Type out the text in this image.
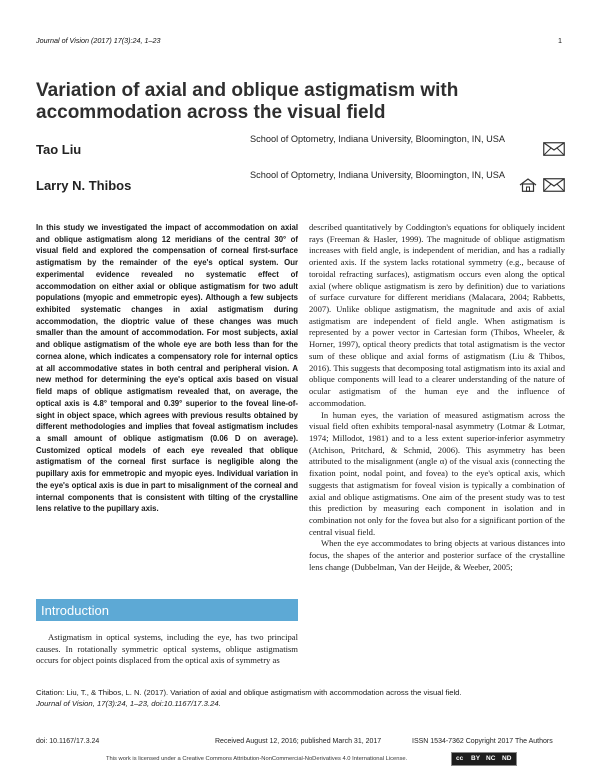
Journal of Vision (2017) 17(3):24, 1–23	1
Variation of axial and oblique astigmatism with accommodation across the visual field
Tao Liu
School of Optometry, Indiana University, Bloomington, IN, USA
Larry N. Thibos
School of Optometry, Indiana University, Bloomington, IN, USA

In this study we investigated the impact of accommodation on axial and oblique astigmatism along 12 meridians of the central 30° of visual field and explored the compensation of corneal first-surface astigmatism by the remainder of the eye's optical system. Our experimental evidence revealed no systematic effect of accommodation on either axial or oblique astigmatism for two adult populations (myopic and emmetropic eyes). Although a few subjects exhibited systematic changes in axial astigmatism during accommodation, the dioptric value of these changes was much smaller than the amount of accommodation. For most subjects, axial and oblique astigmatism of the whole eye are both less than for the cornea alone, which indicates a compensatory role for internal optics at all accommodative states in both central and peripheral vision. A new method for determining the eye's optical axis based on visual field maps of oblique astigmatism revealed that, on average, the optical axis is 4.8° temporal and 0.39° superior to the foveal line-of-sight in object space, which agrees with previous results obtained by different methodologies and implies that foveal astigmatism includes a small amount of oblique astigmatism (0.06 D on average). Customized optical models of each eye revealed that oblique astigmatism of the corneal first surface is negligible along the pupillary axis for emmetropic and myopic eyes. Individual variation in the eye's optical axis is due in part to misalignment of the corneal and internal components that is consistent with tilting of the crystalline lens relative to the pupillary axis.

Introduction

Astigmatism in optical systems, including the eye, has two principal causes. In rotationally symmetric optical systems, oblique astigmatism occurs for object points displaced from the optical axis of symmetry as

described quantitatively by Coddington's equations for obliquely incident rays (Freeman & Hasler, 1999). The magnitude of oblique astigmatism increases with field angle, is independent of meridian, and has a radially oriented axis. If the system lacks rotational symmetry (e.g., because of toroidal refracting surfaces), astigmatism occurs even along the optical axial (where oblique astigmatism is zero by definition) due to variations of surface curvature for different meridians (Malacara, 2004; Rabbetts, 2007). Unlike oblique astigmatism, the magnitude and axis of axial astigmatism are independent of field angle. When astigmatism is represented by a power vector in Cartesian form (Thibos, Wheeler, & Horner, 1997), optical theory predicts that total astigmatism is the vector sum of these oblique and axial forms of astigmatism (Liu & Thibos, 2016). This suggests that decomposing total astigmatism into its axial and oblique components will lead to a clearer understanding of the nature of ocular astigmatism of the human eye and the influence of accommodation.

In human eyes, the variation of measured astigmatism across the visual field often exhibits temporal-nasal asymmetry (Lotmar & Lotmar, 1974; Millodot, 1981) and to a less extent superior-inferior asymmetry (Atchison, Pritchard, & Schmid, 2006). This asymmetry has been attributed to the misalignment (angle α) of the visual axis (connecting the fixation point, nodal point, and fovea) to the eye's optical axis, which suggests that astigmatism for foveal vision is typically a combination of axial and oblique astigmatisms. One aim of the present study was to test this prediction by measuring each component in isolation and in combination not only for the fovea but also for a significant portion of the central visual field.

When the eye accommodates to bring objects at various distances into focus, the shapes of the anterior and posterior surface of the crystalline lens change (Dubbelman, Van der Heijde, & Weeber, 2005;

Citation: Liu, T., & Thibos, L. N. (2017). Variation of axial and oblique astigmatism with accommodation across the visual field.
Journal of Vision, 17(3):24, 1–23, doi:10.1167/17.3.24.
doi: 10.1167/17.3.24	Received August 12, 2016; published March 31, 2017	ISSN 1534-7362 Copyright 2017 The Authors
This work is licensed under a Creative Commons Attribution-NonCommercial-NoDerivatives 4.0 International License.	cc BY NC ND
